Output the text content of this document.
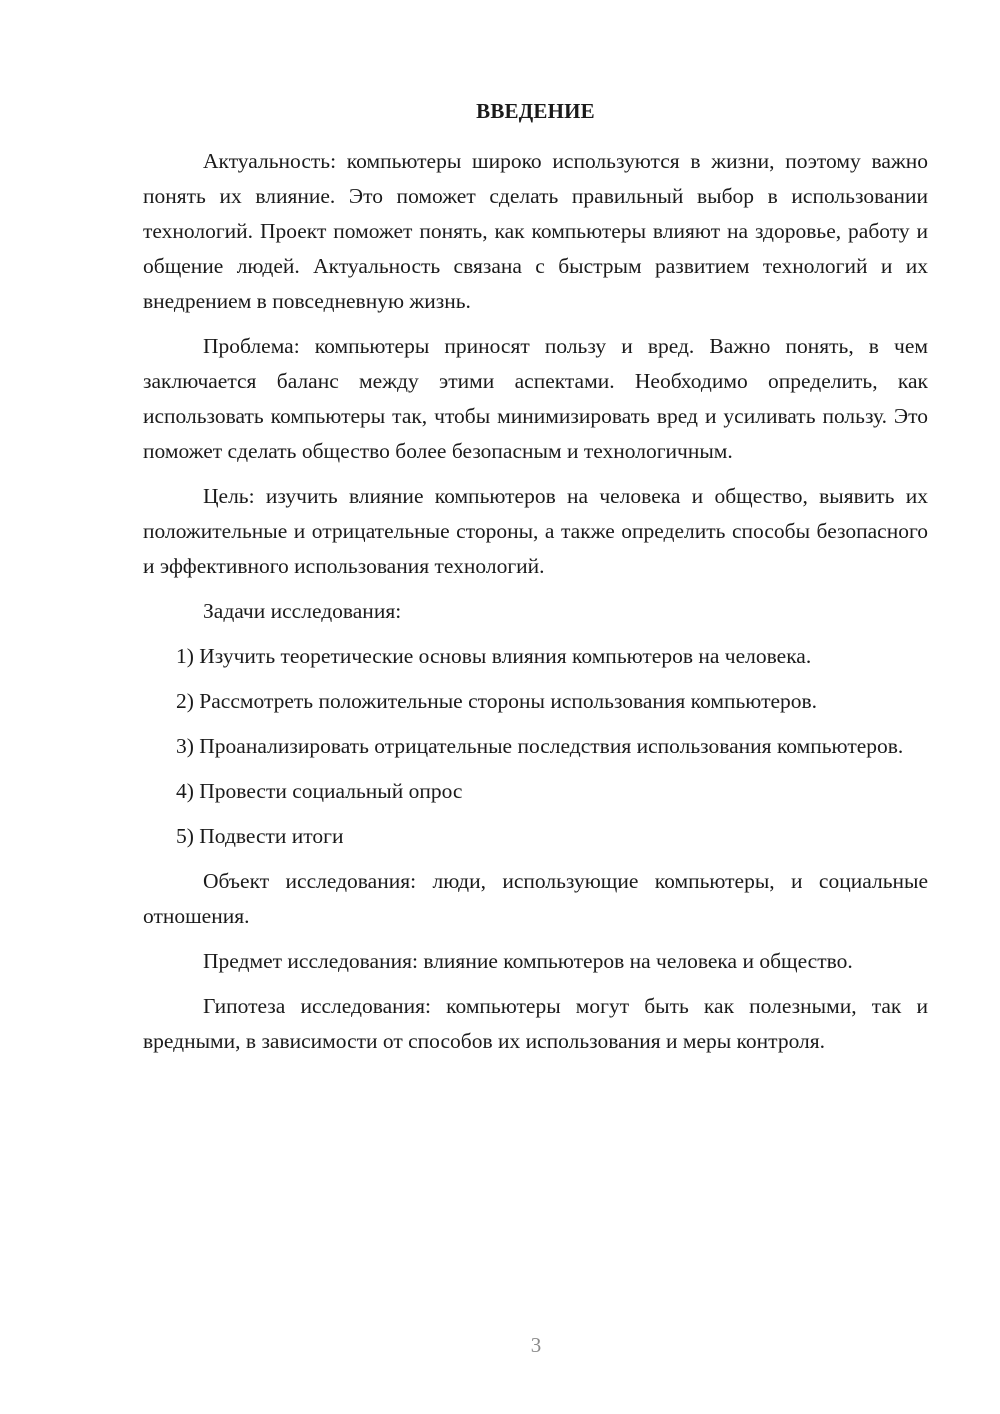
ВВЕДЕНИЕ

Актуальность: компьютеры широко используются в жизни, поэтому важно понять их влияние. Это поможет сделать правильный выбор в использовании технологий. Проект поможет понять, как компьютеры влияют на здоровье, работу и общение людей. Актуальность связана с быстрым развитием технологий и их внедрением в повседневную жизнь.

Проблема: компьютеры приносят пользу и вред. Важно понять, в чем заключается баланс между этими аспектами. Необходимо определить, как использовать компьютеры так, чтобы минимизировать вред и усиливать пользу. Это поможет сделать общество более безопасным и технологичным.

Цель: изучить влияние компьютеров на человека и общество, выявить их положительные и отрицательные стороны, а также определить способы безопасного и эффективного использования технологий.

Задачи исследования:

1) Изучить теоретические основы влияния компьютеров на человека.

2) Рассмотреть положительные стороны использования компьютеров.

3) Проанализировать отрицательные последствия использования компьютеров.

4) Провести социальный опрос

5) Подвести итоги

Объект исследования: люди, использующие компьютеры, и социальные отношения.

Предмет исследования: влияние компьютеров на человека и общество.

Гипотеза исследования: компьютеры могут быть как полезными, так и вредными, в зависимости от способов их использования и меры контроля.

3
